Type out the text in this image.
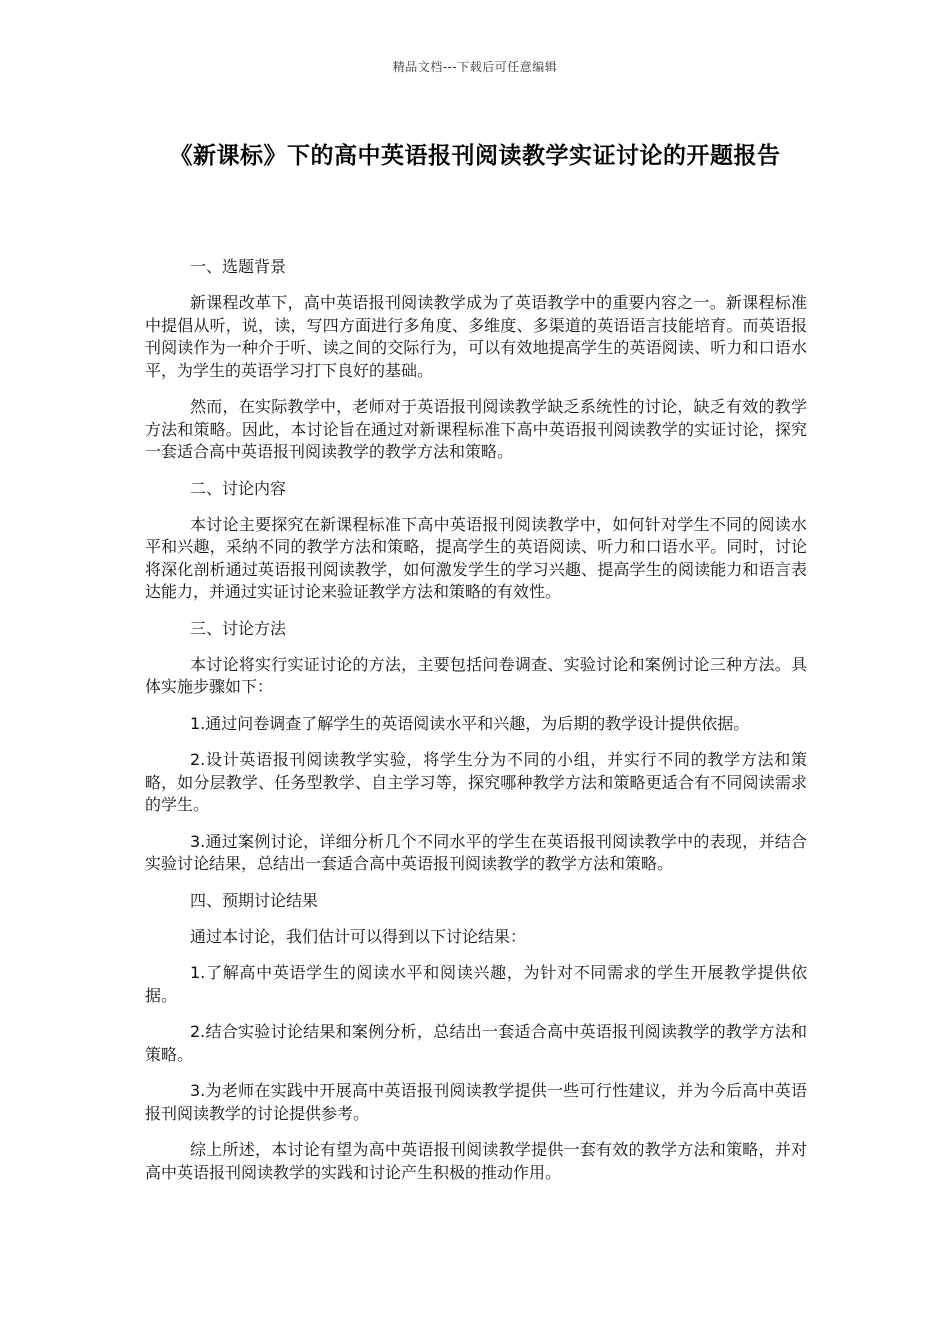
精品文档---下载后可任意编辑
《新课标》下的高中英语报刊阅读教学实证讨论的开题报告

一、选题背景

新课程改革下，高中英语报刊阅读教学成为了英语教学中的重要内容之一。新课程标准中提倡从听，说，读，写四方面进行多角度、多维度、多渠道的英语语言技能培育。而英语报刊阅读作为一种介于听、读之间的交际行为，可以有效地提高学生的英语阅读、听力和口语水平，为学生的英语学习打下良好的基础。

然而，在实际教学中，老师对于英语报刊阅读教学缺乏系统性的讨论，缺乏有效的教学方法和策略。因此，本讨论旨在通过对新课程标准下高中英语报刊阅读教学的实证讨论，探究一套适合高中英语报刊阅读教学的教学方法和策略。

二、讨论内容

本讨论主要探究在新课程标准下高中英语报刊阅读教学中，如何针对学生不同的阅读水平和兴趣，采纳不同的教学方法和策略，提高学生的英语阅读、听力和口语水平。同时，讨论将深化剖析通过英语报刊阅读教学，如何激发学生的学习兴趣、提高学生的阅读能力和语言表达能力，并通过实证讨论来验证教学方法和策略的有效性。

三、讨论方法

本讨论将实行实证讨论的方法，主要包括问卷调查、实验讨论和案例讨论三种方法。具体实施步骤如下：

1.通过问卷调查了解学生的英语阅读水平和兴趣，为后期的教学设计提供依据。

2.设计英语报刊阅读教学实验，将学生分为不同的小组，并实行不同的教学方法和策略，如分层教学、任务型教学、自主学习等，探究哪种教学方法和策略更适合有不同阅读需求的学生。

3.通过案例讨论，详细分析几个不同水平的学生在英语报刊阅读教学中的表现，并结合实验讨论结果，总结出一套适合高中英语报刊阅读教学的教学方法和策略。

四、预期讨论结果

通过本讨论，我们估计可以得到以下讨论结果：

1.了解高中英语学生的阅读水平和阅读兴趣，为针对不同需求的学生开展教学提供依据。

2.结合实验讨论结果和案例分析，总结出一套适合高中英语报刊阅读教学的教学方法和策略。

3.为老师在实践中开展高中英语报刊阅读教学提供一些可行性建议，并为今后高中英语报刊阅读教学的讨论提供参考。

综上所述，本讨论有望为高中英语报刊阅读教学提供一套有效的教学方法和策略，并对高中英语报刊阅读教学的实践和讨论产生积极的推动作用。
